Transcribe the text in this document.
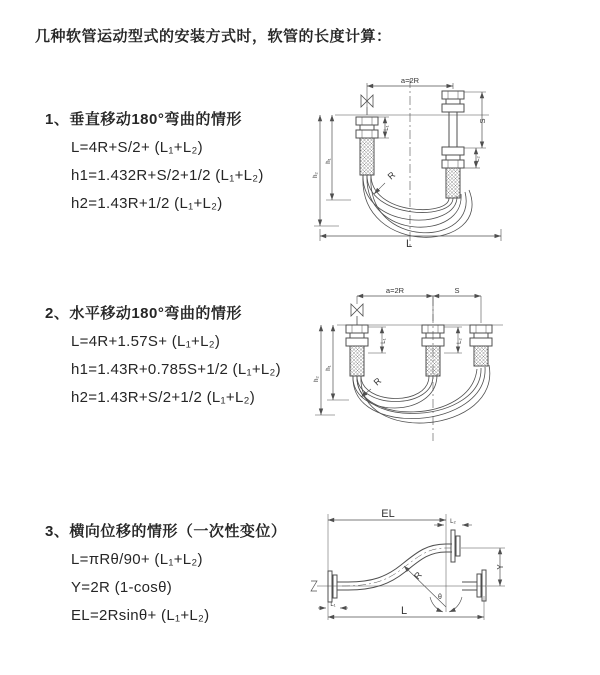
几种软管运动型式的安装方式时，软管的长度计算：
1、垂直移动180°弯曲的情形
L=4R+S/2+ (L₁+L₂)
h1=1.432R+S/2+1/2 (L₁+L₂)
h2=1.43R+1/2 (L₁+L₂)
2、水平移动180°弯曲的情形
L=4R+1.57S+ (L₁+L₂)
h1=1.43R+0.785S+1/2 (L₁+L₂)
h2=1.43R+S/2+1/2 (L₁+L₂)
3、横向位移的情形（一次性变位）
L=πRθ/90+ (L₁+L₂)
Y=2R (1-cosθ)
EL=2Rsinθ+ (L₁+L₂)
a=2R
S
L₁
L₂
h₁
h₂	R
L
a=2R	S
L₁	L₂
h₁
h₂	R
EL
L₂
Y
R
θ
L₁	L
